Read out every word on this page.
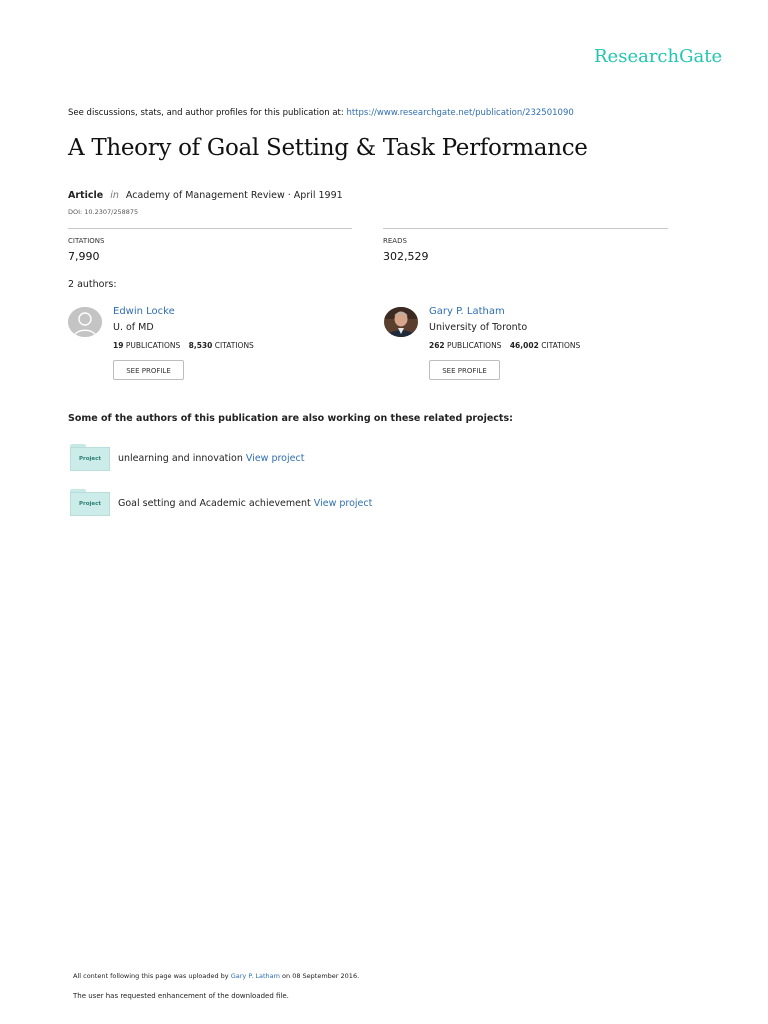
ResearchGate
See discussions, stats, and author profiles for this publication at: https://www.researchgate.net/publication/232501090
A Theory of Goal Setting & Task Performance
Article in Academy of Management Review · April 1991
DOI: 10.2307/258875
CITATIONS
7,990
READS
302,529
2 authors:
Edwin Locke
U. of MD
19 PUBLICATIONS 8,530 CITATIONS
SEE PROFILE
Gary P. Latham
University of Toronto
262 PUBLICATIONS 46,002 CITATIONS
SEE PROFILE
Some of the authors of this publication are also working on these related projects:
Project	unlearning and innovation View project
Project	Goal setting and Academic achievement View project
All content following this page was uploaded by Gary P. Latham on 08 September 2016.
The user has requested enhancement of the downloaded file.
